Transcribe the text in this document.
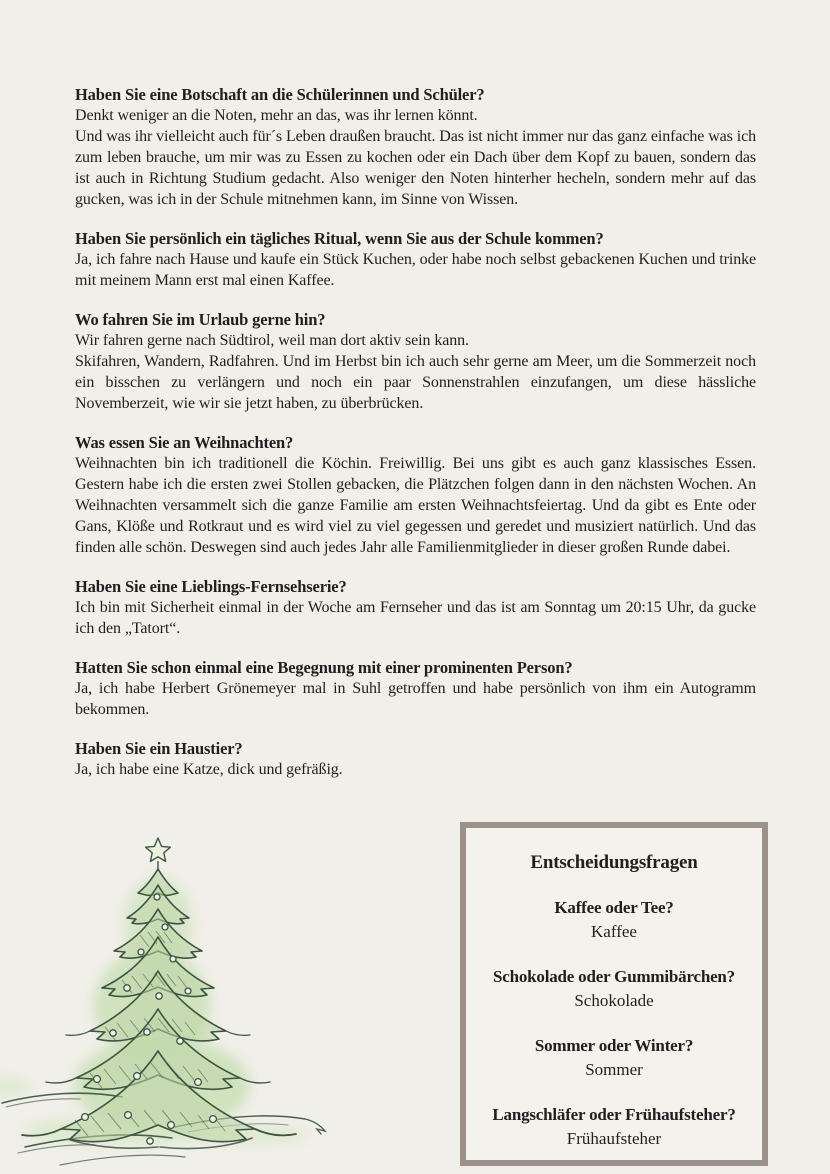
Haben Sie eine Botschaft an die Schülerinnen und Schüler?

Denkt weniger an die Noten, mehr an das, was ihr lernen könnt.

Und was ihr vielleicht auch für´s Leben draußen braucht. Das ist nicht immer nur das ganz einfache was ich zum leben brauche, um mir was zu Essen zu kochen oder ein Dach über dem Kopf zu bauen, sondern das ist auch in Richtung Studium gedacht. Also weniger den Noten hinterher hecheln, sondern mehr auf das gucken, was ich in der Schule mitnehmen kann, im Sinne von Wissen.

Haben Sie persönlich ein tägliches Ritual, wenn Sie aus der Schule kommen?

Ja, ich fahre nach Hause und kaufe ein Stück Kuchen, oder habe noch selbst gebackenen Kuchen und trinke mit meinem Mann erst mal einen Kaffee.

Wo fahren Sie im Urlaub gerne hin?

Wir fahren gerne nach Südtirol, weil man dort aktiv sein kann.

Skifahren, Wandern, Radfahren. Und im Herbst bin ich auch sehr gerne am Meer, um die Sommerzeit noch ein bisschen zu verlängern und noch ein paar Sonnenstrahlen einzufangen, um diese hässliche Novemberzeit, wie wir sie jetzt haben, zu überbrücken.

Was essen Sie an Weihnachten?

Weihnachten bin ich traditionell die Köchin. Freiwillig. Bei uns gibt es auch ganz klassisches Essen. Gestern habe ich die ersten zwei Stollen gebacken, die Plätzchen folgen dann in den nächsten Wochen. An Weihnachten versammelt sich die ganze Familie am ersten Weihnachtsfeiertag. Und da gibt es Ente oder Gans, Klöße und Rotkraut und es wird viel zu viel gegessen und geredet und musiziert natürlich. Und das finden alle schön. Deswegen sind auch jedes Jahr alle Familienmitglieder in dieser großen Runde dabei.

Haben Sie eine Lieblings-Fernsehserie?

Ich bin mit Sicherheit einmal in der Woche am Fernseher und das ist am Sonntag um 20:15 Uhr, da gucke ich den „Tatort“.

Hatten Sie schon einmal eine Begegnung mit einer prominenten Person?

Ja, ich habe Herbert Grönemeyer mal in Suhl getroffen und habe persönlich von ihm ein Autogramm bekommen.

Haben Sie ein Haustier?

Ja, ich habe eine Katze, dick und gefräßig.

Entscheidungsfragen

Kaffee oder Tee?

Kaffee

Schokolade oder Gummibärchen?

Schokolade

Sommer oder Winter?

Sommer

Langschläfer oder Frühaufsteher?

Frühaufsteher
